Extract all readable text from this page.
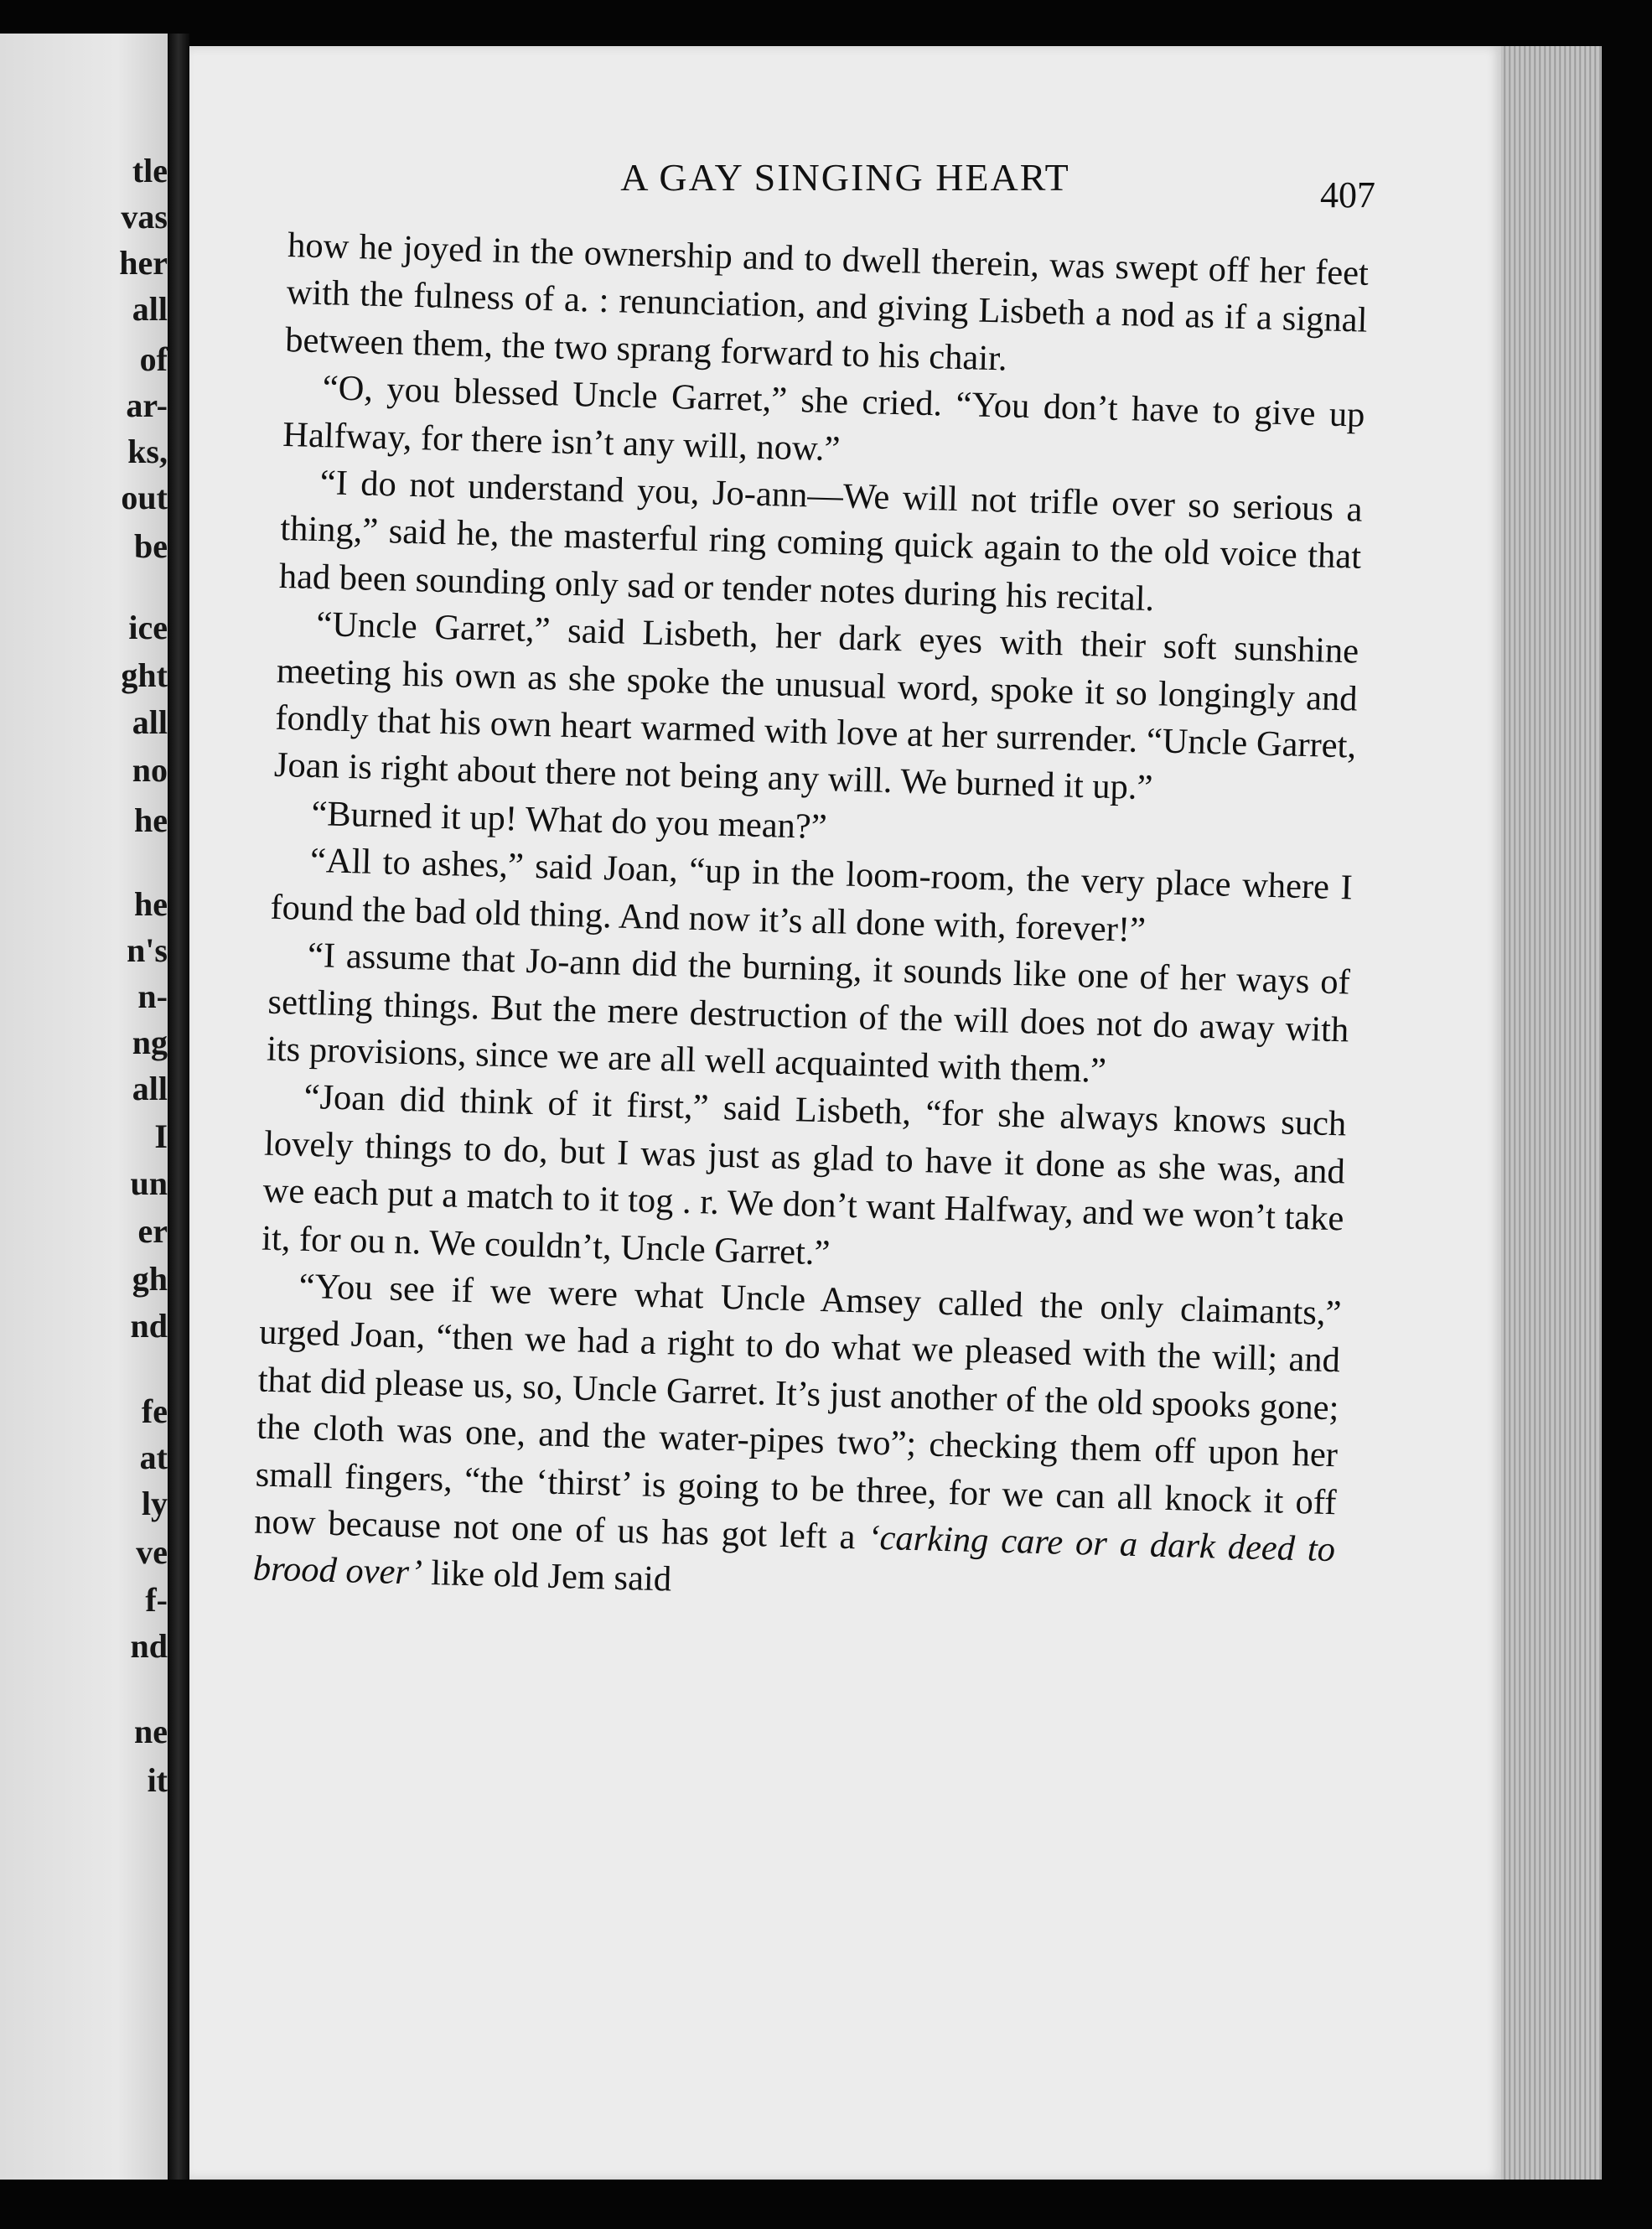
tle
vas
her
all
of
ar-
ks,
out
be
ice
ght
all
no
he
he
n's
n-
ng
all
I
un
er
gh
nd
fe
at
ly
ve
f-
nd
ne
it
A GAY SINGING HEART	407

how he joyed in the ownership and to dwell therein, was swept off her feet with the fulness of a. : renunciation, and giving Lisbeth a nod as if a signal between them, the two sprang forward to his chair.

“O, you blessed Uncle Garret,” she cried. “You don’t have to give up Halfway, for there isn’t any will, now.”

“I do not understand you, Jo-ann—We will not trifle over so serious a thing,” said he, the masterful ring coming quick again to the old voice that had been sounding only sad or tender notes during his recital.

“Uncle Garret,” said Lisbeth, her dark eyes with their soft sunshine meeting his own as she spoke the unusual word, spoke it so longingly and fondly that his own heart warmed with love at her surrender. “Uncle Garret, Joan is right about there not being any will. We burned it up.”

“Burned it up! What do you mean?”

“All to ashes,” said Joan, “up in the loom-room, the very place where I found the bad old thing. And now it’s all done with, forever!”

“I assume that Jo-ann did the burning, it sounds like one of her ways of settling things. But the mere destruction of the will does not do away with its provisions, since we are all well acquainted with them.”

“Joan did think of it first,” said Lisbeth, “for she always knows such lovely things to do, but I was just as glad to have it done as she was, and we each put a match to it tog . r. We don’t want Halfway, and we won’t take it, for ou n. We couldn’t, Uncle Garret.”

“You see if we were what Uncle Amsey called the only claimants,” urged Joan, “then we had a right to do what we pleased with the will; and that did please us, so, Uncle Garret. It’s just another of the old spooks gone; the cloth was one, and the water-pipes two”; checking them off upon her small fingers, “the ‘thirst’ is going to be three, for we can all knock it off now because not one of us has got left a ‘carking care or a dark deed to brood over’ like old Jem said
